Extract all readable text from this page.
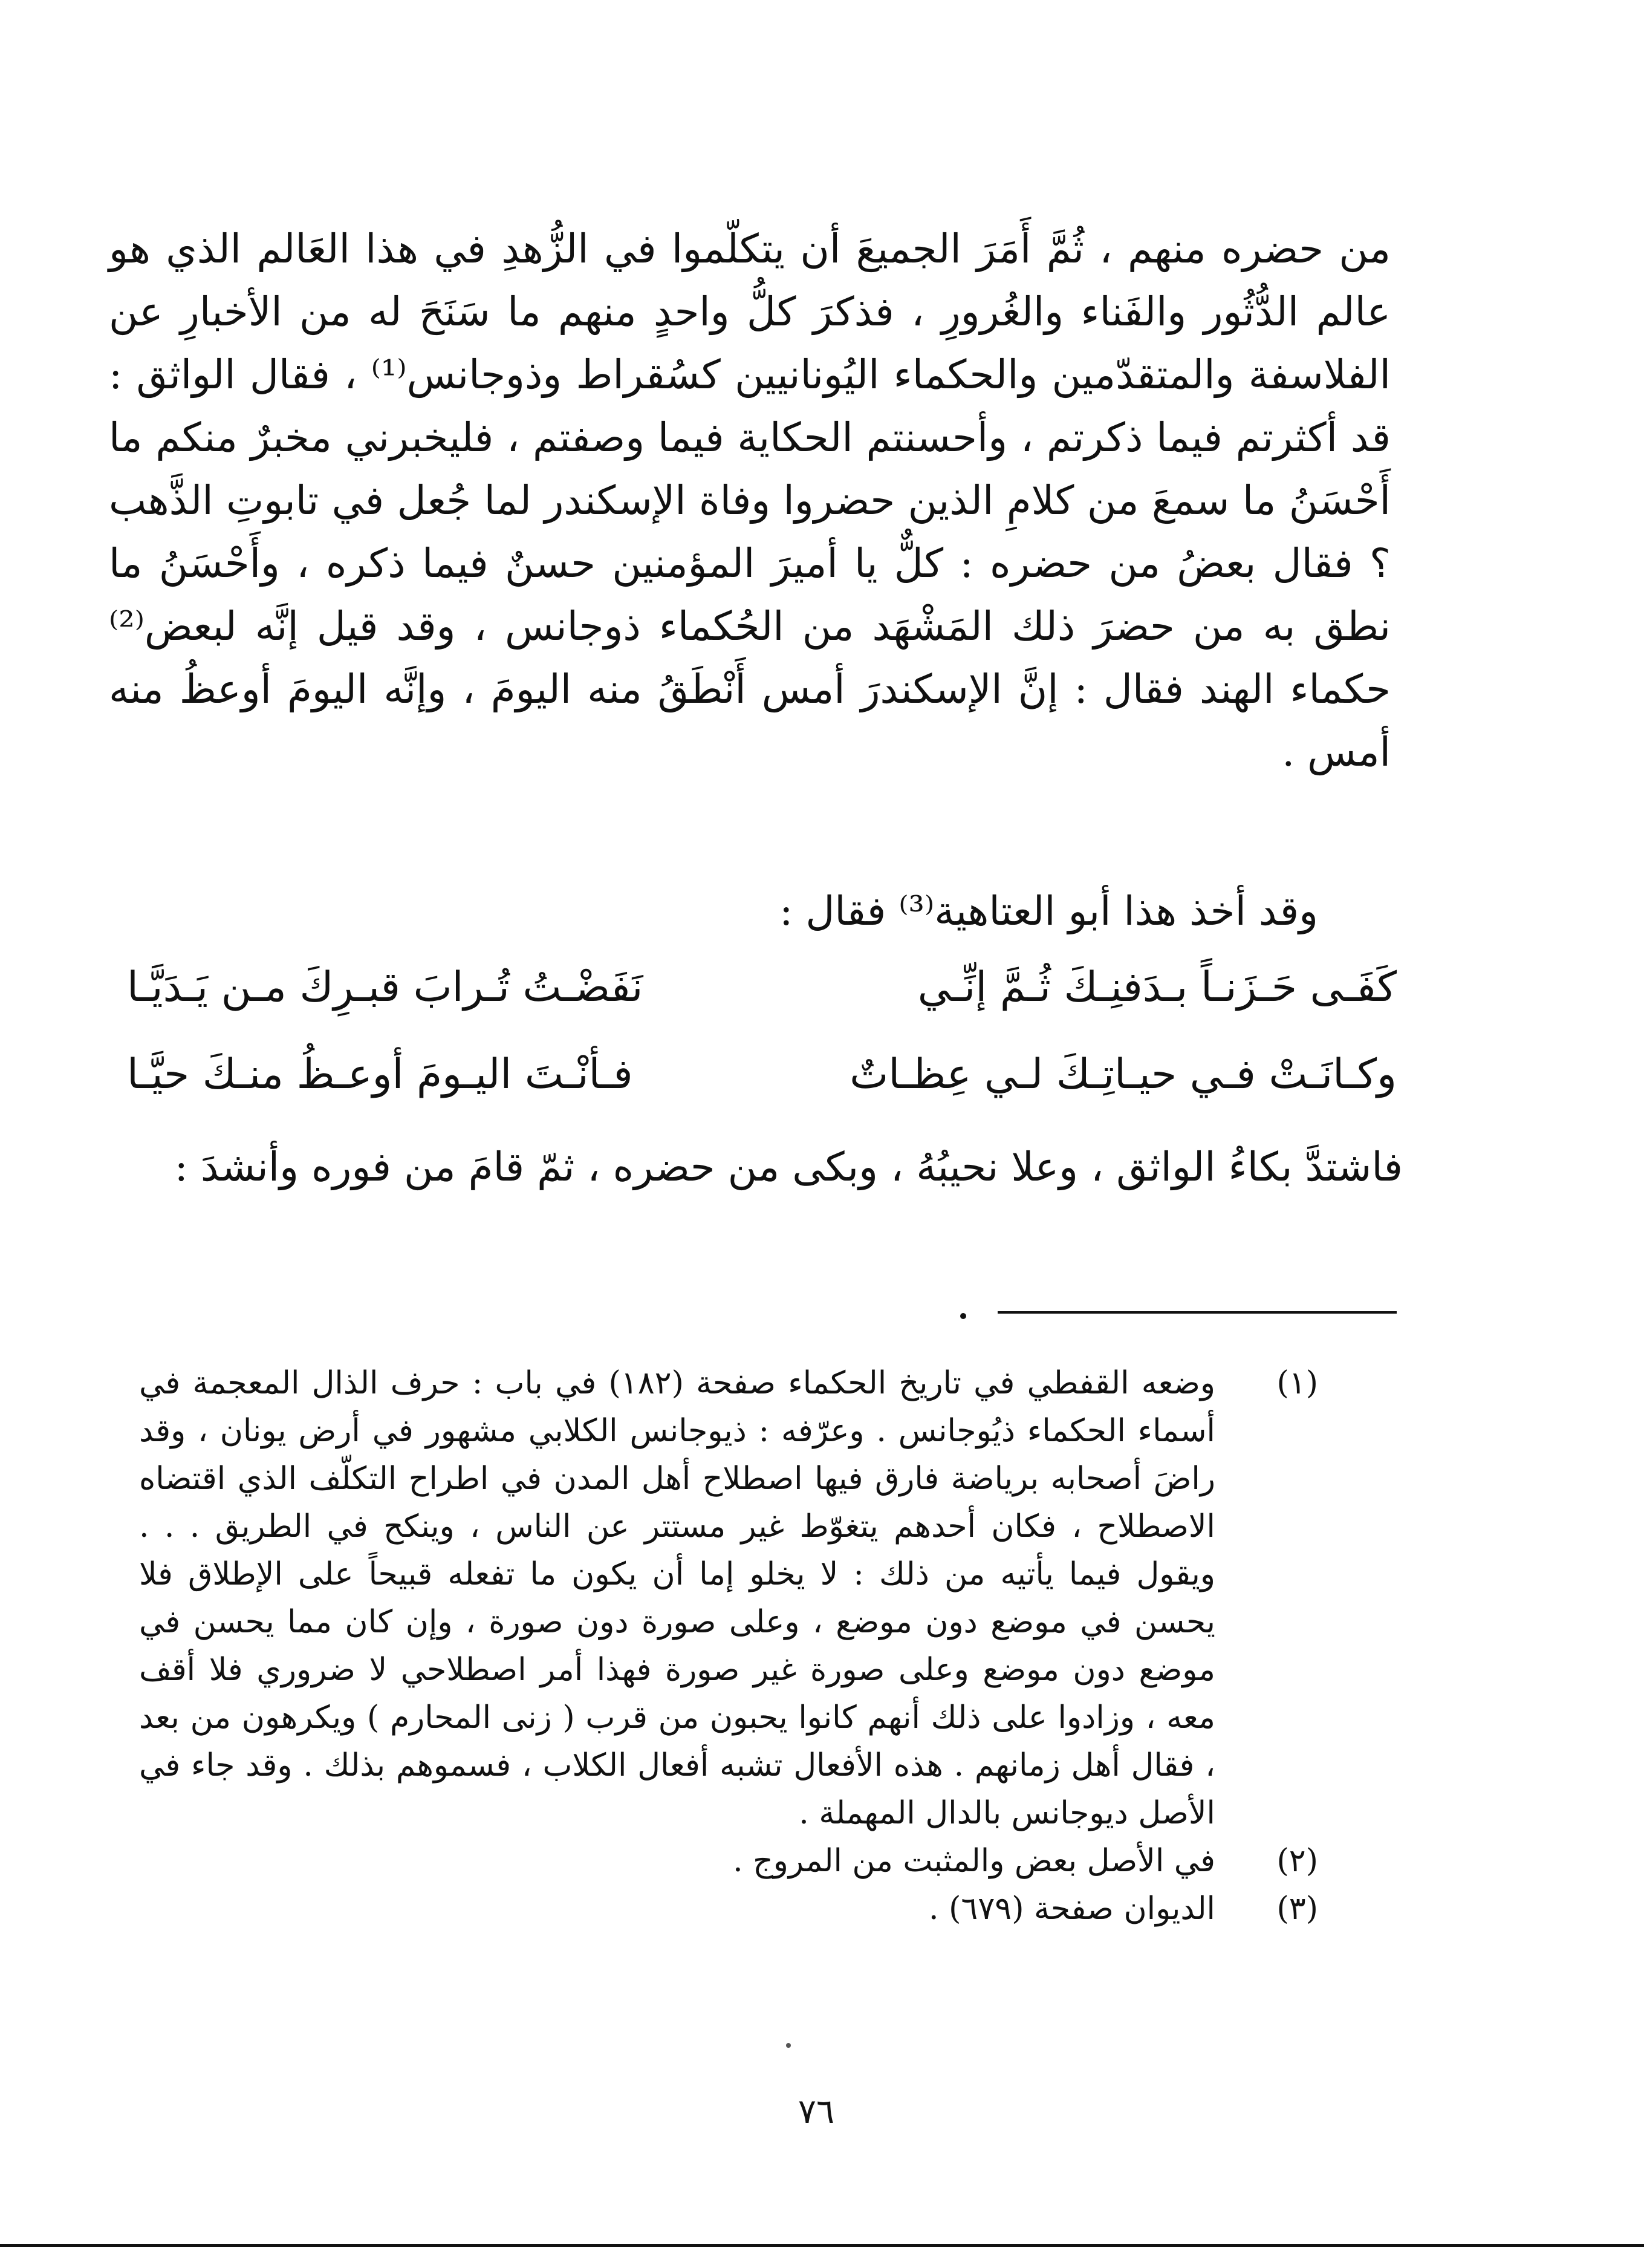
من حضره منهم ، ثُمَّ أَمَرَ الجميعَ أن يتكلّموا في الزُّهدِ في هذا العَالم الذي هو عالم الدُّثُور والفَناء والغُرورِ ، فذكرَ كلُّ واحدٍ منهم ما سَنَحَ له من الأخبارِ عن الفلاسفة والمتقدّمين والحكماء اليُونانيين كسُقراط وذوجانس⁽¹⁾ ، فقال الواثق : قد أكثرتم فيما ذكرتم ، وأحسنتم الحكاية فيما وصفتم ، فليخبرني مخبرٌ منكم ما أَحْسَنُ ما سمعَ من كلامِ الذين حضروا وفاة الإسكندر لما جُعل في تابوتِ الذَّهب ؟ فقال بعضُ من حضره : كلٌّ يا أميرَ المؤمنين حسنٌ فيما ذكره ، وأَحْسَنُ ما نطق به من حضرَ ذلك المَشْهَد من الحُكماء ذوجانس ، وقد قيل إنَّه لبعض⁽²⁾ حكماء الهند فقال : إنَّ الإسكندرَ أمس أَنْطَقُ منه اليومَ ، وإنَّه اليومَ أوعظُ منه أمس .

وقد أخذ هذا أبو العتاهية⁽³⁾ فقال :

كَفَـى حَـزَنـاً بـدَفنِـكَ ثُـمَّ إنِّـي
نَفَضْـتُ تُـرابَ قبـرِكَ مـن يَـدَيَّـا
وكـانَـتْ فـي حيـاتِـكَ لـي عِظـاتٌ
فـأنْـتَ اليـومَ أوعـظُ منـكَ حيَّـا

فاشتدَّ بكاءُ الواثق ، وعلا نحيبُهُ ، وبكى من حضره ، ثمّ قامَ من فوره وأنشدَ :

(١)
وضعه القفطي في تاريخ الحكماء صفحة (١٨٢) في باب : حرف الذال المعجمة في أسماء الحكماء ذيُوجانس . وعرّفه : ذيوجانس الكلابي مشهور في أرض يونان ، وقد راضَ أصحابه برياضة فارق فيها اصطلاح أهل المدن في اطراح التكلّف الذي اقتضاه الاصطلاح ، فكان أحدهم يتغوّط غير مستتر عن الناس ، وينكح في الطريق . . . ويقول فيما يأتيه من ذلك : لا يخلو إما أن يكون ما تفعله قبيحاً على الإطلاق فلا يحسن في موضع دون موضع ، وعلى صورة دون صورة ، وإن كان مما يحسن في موضع دون موضع وعلى صورة غير صورة فهذا أمر اصطلاحي لا ضروري فلا أقف معه ، وزادوا على ذلك أنهم كانوا يحبون من قرب ( زنى المحارم ) ويكرهون من بعد ، فقال أهل زمانهم . هذه الأفعال تشبه أفعال الكلاب ، فسموهم بذلك . وقد جاء في الأصل ديوجانس بالدال المهملة .
(٢)
في الأصل بعض والمثبت من المروج .
(٣)
الديوان صفحة (٦٧٩) .
٧٦
